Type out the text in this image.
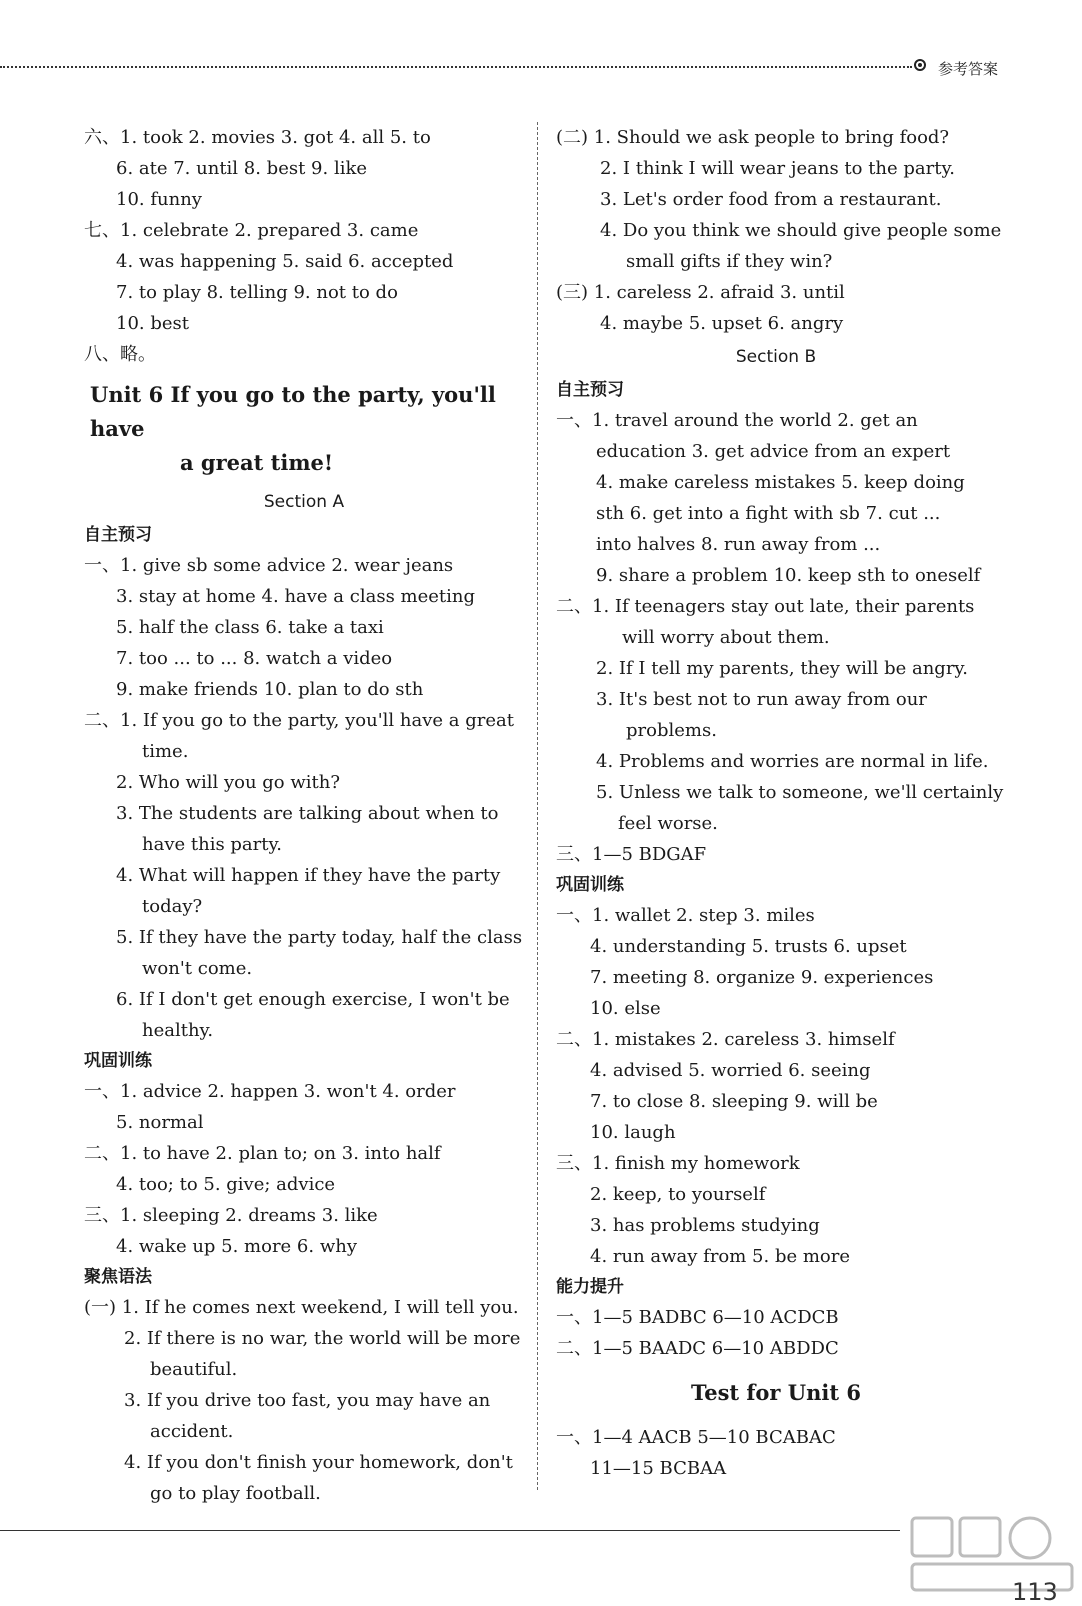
参考答案
六、1. took 2. movies 3. got 4. all 5. to
6. ate 7. until 8. best 9. like
10. funny
七、1. celebrate 2. prepared 3. came
4. was happening 5. said 6. accepted
7. to play 8. telling 9. not to do
10. best
八、略。
Unit 6 If you go to the party, you'll have
a great time!
Section A
自主预习
一、1. give sb some advice 2. wear jeans
3. stay at home 4. have a class meeting
5. half the class 6. take a taxi
7. too ... to ... 8. watch a video
9. make friends 10. plan to do sth
二、1. If you go to the party, you'll have a great
time.
2. Who will you go with?
3. The students are talking about when to
have this party.
4. What will happen if they have the party
today?
5. If they have the party today, half the class
won't come.
6. If I don't get enough exercise, I won't be
healthy.
巩固训练
一、1. advice 2. happen 3. won't 4. order
5. normal
二、1. to have 2. plan to; on 3. into half
4. too; to 5. give; advice
三、1. sleeping 2. dreams 3. like
4. wake up 5. more 6. why
聚焦语法
(一) 1. If he comes next weekend, I will tell you.
2. If there is no war, the world will be more
beautiful.
3. If you drive too fast, you may have an
accident.
4. If you don't finish your homework, don't
go to play football.
(二) 1. Should we ask people to bring food?
2. I think I will wear jeans to the party.
3. Let's order food from a restaurant.
4. Do you think we should give people some
small gifts if they win?
(三) 1. careless 2. afraid 3. until
4. maybe 5. upset 6. angry
Section B
自主预习
一、1. travel around the world 2. get an
education 3. get advice from an expert
4. make careless mistakes 5. keep doing
sth 6. get into a fight with sb 7. cut ...
into halves 8. run away from ...
9. share a problem 10. keep sth to oneself
二、1. If teenagers stay out late, their parents
will worry about them.
2. If I tell my parents, they will be angry.
3. It's best not to run away from our
problems.
4. Problems and worries are normal in life.
5. Unless we talk to someone, we'll certainly
feel worse.
三、1—5 BDGAF
巩固训练
一、1. wallet 2. step 3. miles
4. understanding 5. trusts 6. upset
7. meeting 8. organize 9. experiences
10. else
二、1. mistakes 2. careless 3. himself
4. advised 5. worried 6. seeing
7. to close 8. sleeping 9. will be
10. laugh
三、1. finish my homework
2. keep, to yourself
3. has problems studying
4. run away from 5. be more
能力提升
一、1—5 BADBC 6—10 ACDCB
二、1—5 BAADC 6—10 ABDDC
Test for Unit 6
一、1—4 AACB 5—10 BCABAC
11—15 BCBAA
113
